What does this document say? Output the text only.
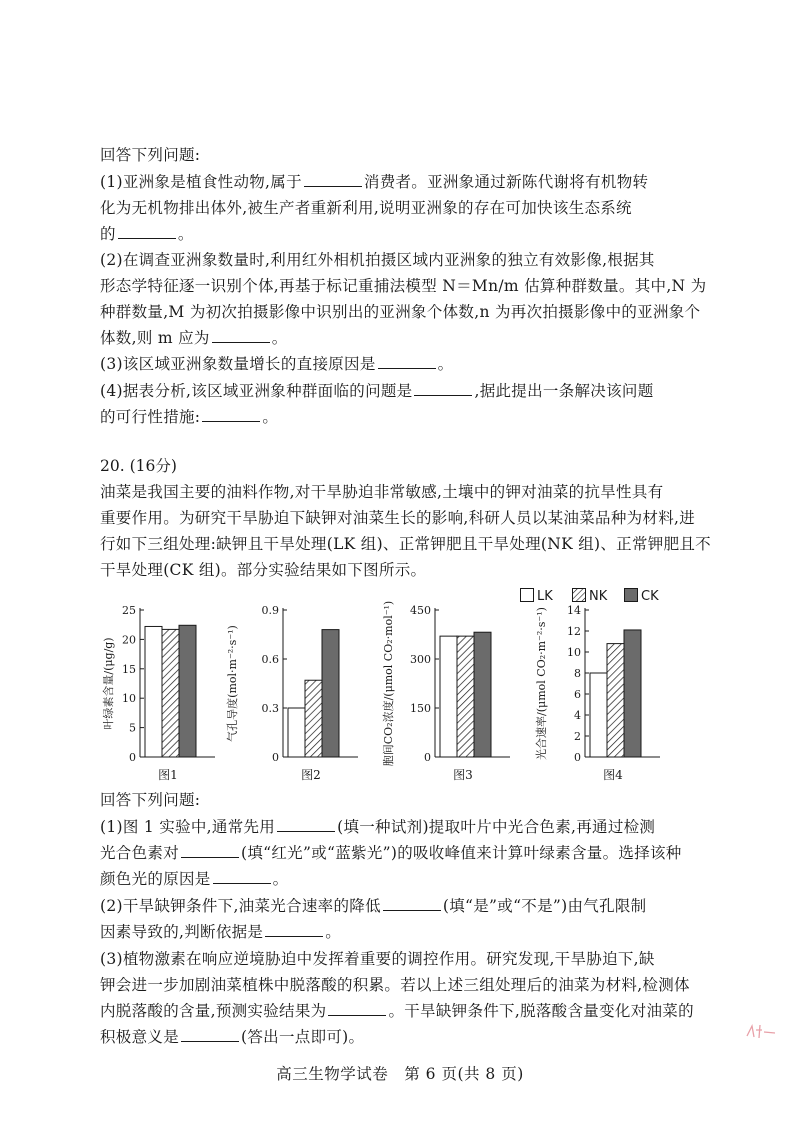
回答下列问题:
(1)亚洲象是植食性动物,属于	消费者。亚洲象通过新陈代谢将有机物转
化为无机物排出体外,被生产者重新利用,说明亚洲象的存在可加快该生态系统
的	。
(2)在调查亚洲象数量时,利用红外相机拍摄区域内亚洲象的独立有效影像,根据其
形态学特征逐一识别个体,再基于标记重捕法模型 N＝Mn/m 估算种群数量。其中,N 为
种群数量,M 为初次拍摄影像中识别出的亚洲象个体数,n 为再次拍摄影像中的亚洲象个
体数,则 m 应为	。
(3)该区域亚洲象数量增长的直接原因是	。
(4)据表分析,该区域亚洲象种群面临的问题是	,据此提出一条解决该问题
的可行性措施:	。
20. (16分)
油菜是我国主要的油料作物,对干旱胁迫非常敏感,土壤中的钾对油菜的抗旱性具有
重要作用。为研究干旱胁迫下缺钾对油菜生长的影响,科研人员以某油菜品种为材料,进
行如下三组处理:缺钾且干旱处理(LK 组)、正常钾肥且干旱处理(NK 组)、正常钾肥且不
干旱处理(CK 组)。部分实验结果如下图所示。
LK	NK	CK
0
5
10
15
20
25
叶绿素含量/(μg/g)
图1
0
0.3
0.6
0.9
气孔导度(mol·m⁻²·s⁻¹)
图2
0
150
300
450
胞间CO₂浓度/(μmol CO₂·mol⁻¹)
图3
0
2
4
6
8
10
12
14
光合速率/(μmol CO₂·m⁻²·s⁻¹)
图4
回答下列问题:
(1)图 1 实验中,通常先用	(填一种试剂)提取叶片中光合色素,再通过检测
光合色素对	(填“红光”或“蓝紫光”)的吸收峰值来计算叶绿素含量。选择该种
颜色光的原因是	。
(2)干旱缺钾条件下,油菜光合速率的降低	(填“是”或“不是”)由气孔限制
因素导致的,判断依据是	。
(3)植物激素在响应逆境胁迫中发挥着重要的调控作用。研究发现,干旱胁迫下,缺
钾会进一步加剧油菜植株中脱落酸的积累。若以上述三组处理后的油菜为材料,检测体
内脱落酸的含量,预测实验结果为	。干旱缺钾条件下,脱落酸含量变化对油菜的
积极意义是	(答出一点即可)。
高三生物学试卷　第 6 页(共 8 页)
